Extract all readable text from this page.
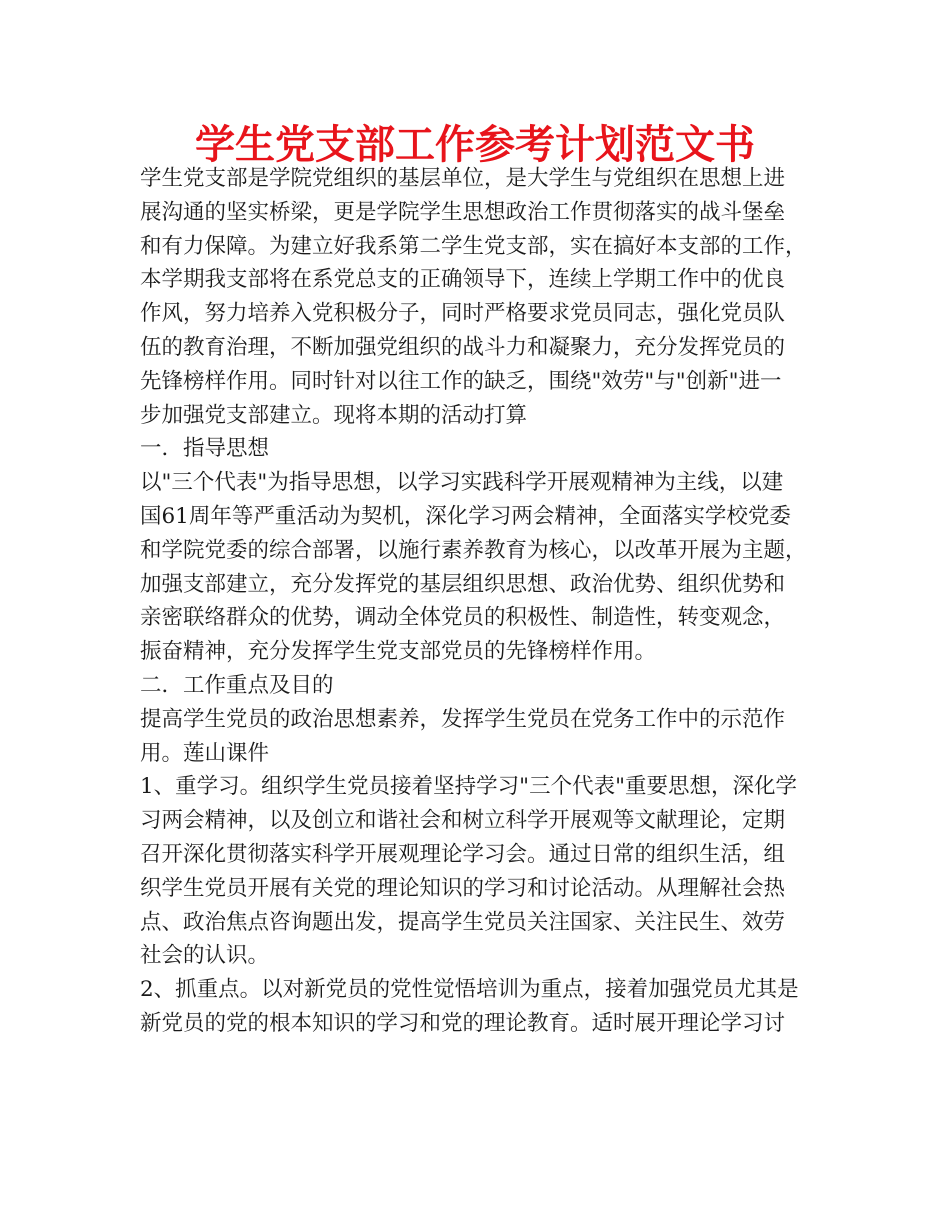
学生党支部工作参考计划范文书
学生党支部是学院党组织的基层单位，是大学生与党组织在思想上进
展沟通的坚实桥梁，更是学院学生思想政治工作贯彻落实的战斗堡垒
和有力保障。为建立好我系第二学生党支部，实在搞好本支部的工作，
本学期我支部将在系党总支的正确领导下，连续上学期工作中的优良
作风，努力培养入党积极分子，同时严格要求党员同志，强化党员队
伍的教育治理，不断加强党组织的战斗力和凝聚力，充分发挥党员的
先锋榜样作用。同时针对以往工作的缺乏，围绕"效劳"与"创新"进一
步加强党支部建立。现将本期的活动打算
一．指导思想
以"三个代表"为指导思想，以学习实践科学开展观精神为主线，以建
国61周年等严重活动为契机，深化学习两会精神，全面落实学校党委
和学院党委的综合部署，以施行素养教育为核心，以改革开展为主题，
加强支部建立，充分发挥党的基层组织思想、政治优势、组织优势和
亲密联络群众的优势，调动全体党员的积极性、制造性，转变观念，
振奋精神，充分发挥学生党支部党员的先锋榜样作用。
二．工作重点及目的
提高学生党员的政治思想素养，发挥学生党员在党务工作中的示范作
用。莲山课件
1、重学习。组织学生党员接着坚持学习"三个代表"重要思想，深化学
习两会精神，以及创立和谐社会和树立科学开展观等文献理论，定期
召开深化贯彻落实科学开展观理论学习会。通过日常的组织生活，组
织学生党员开展有关党的理论知识的学习和讨论活动。从理解社会热
点、政治焦点咨询题出发，提高学生党员关注国家、关注民生、效劳
社会的认识。
2、抓重点。以对新党员的党性觉悟培训为重点，接着加强党员尤其是
新党员的党的根本知识的学习和党的理论教育。适时展开理论学习讨
